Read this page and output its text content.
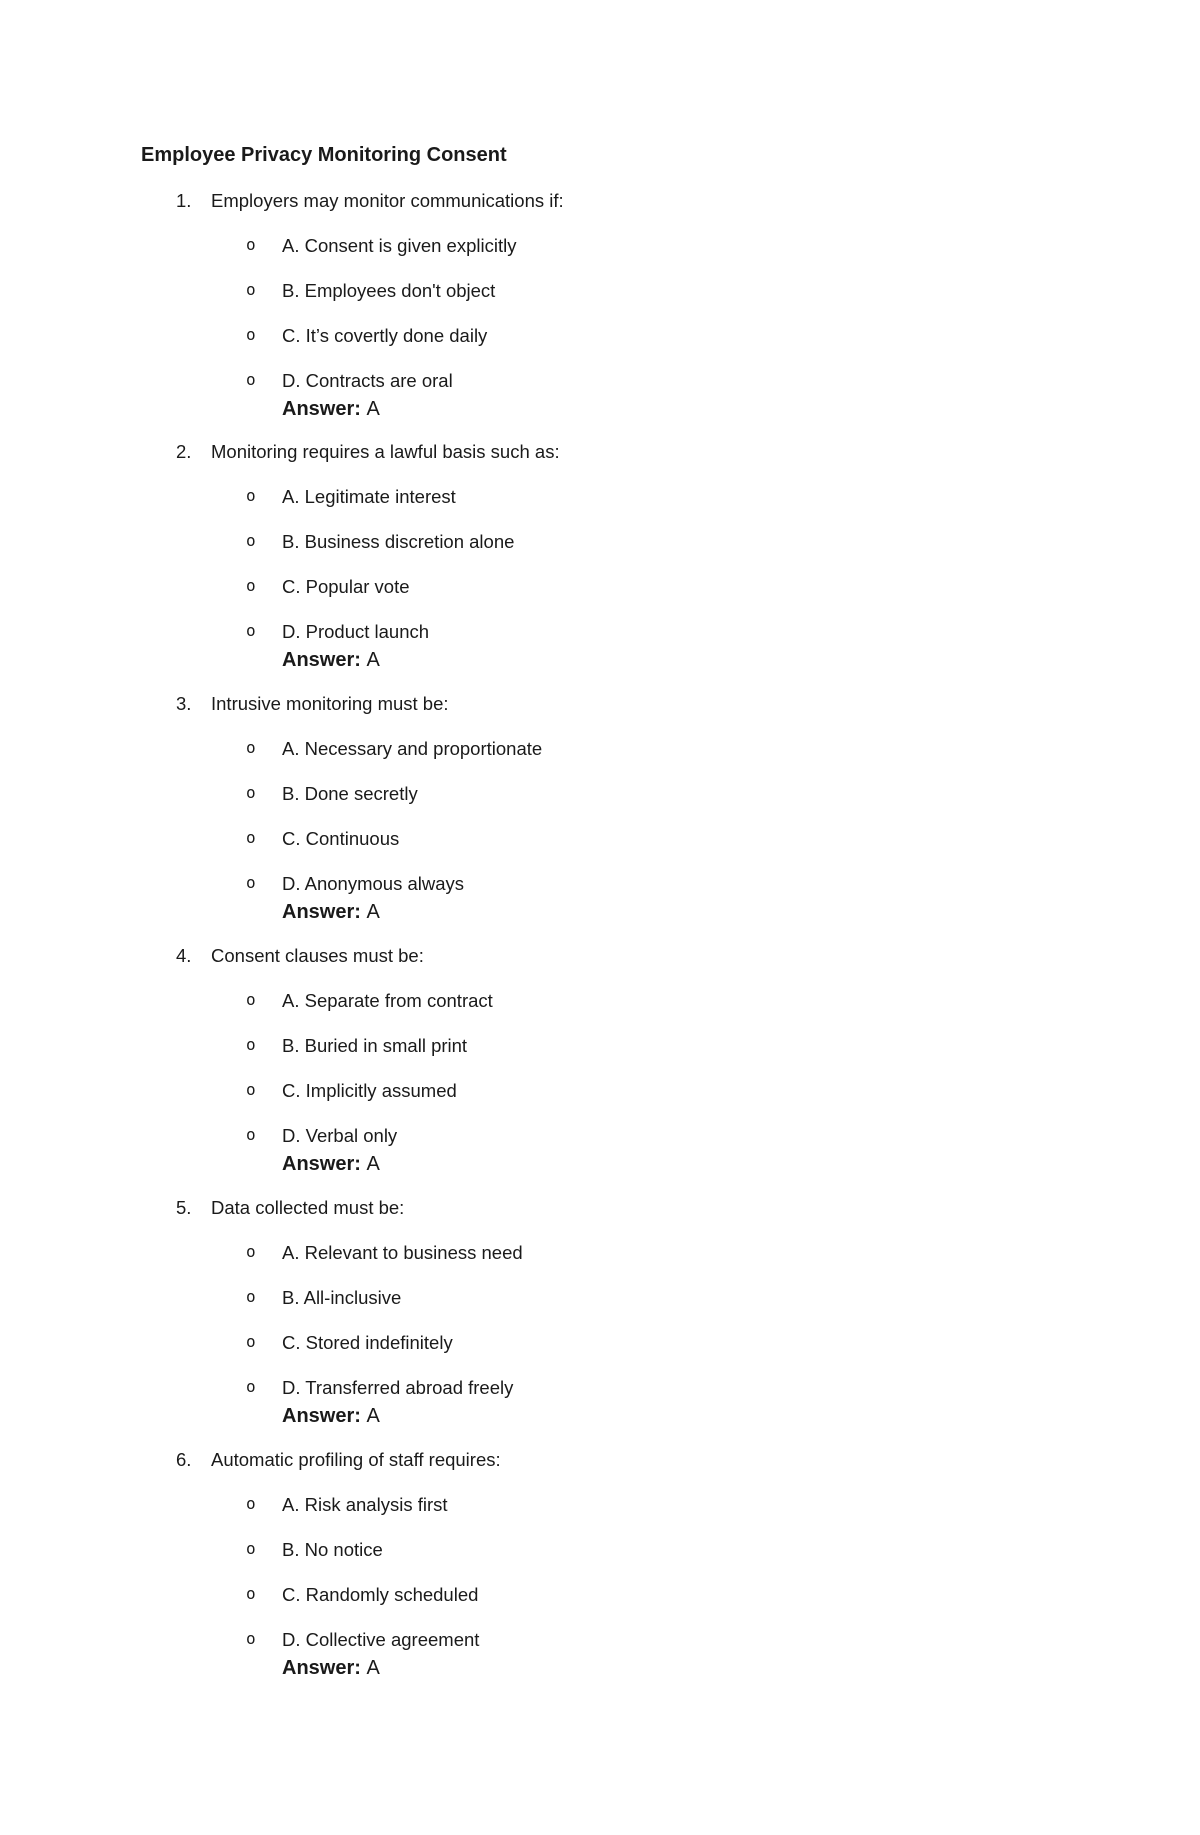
Employee Privacy Monitoring Consent
1. Employers may monitor communications if:
o A. Consent is given explicitly
o B. Employees don't object
o C. It’s covertly done daily
o D. Contracts are oral
Answer: A
2. Monitoring requires a lawful basis such as:
o A. Legitimate interest
o B. Business discretion alone
o C. Popular vote
o D. Product launch
Answer: A
3. Intrusive monitoring must be:
o A. Necessary and proportionate
o B. Done secretly
o C. Continuous
o D. Anonymous always
Answer: A
4. Consent clauses must be:
o A. Separate from contract
o B. Buried in small print
o C. Implicitly assumed
o D. Verbal only
Answer: A
5. Data collected must be:
o A. Relevant to business need
o B. All-inclusive
o C. Stored indefinitely
o D. Transferred abroad freely
Answer: A
6. Automatic profiling of staff requires:
o A. Risk analysis first
o B. No notice
o C. Randomly scheduled
o D. Collective agreement
Answer: A
